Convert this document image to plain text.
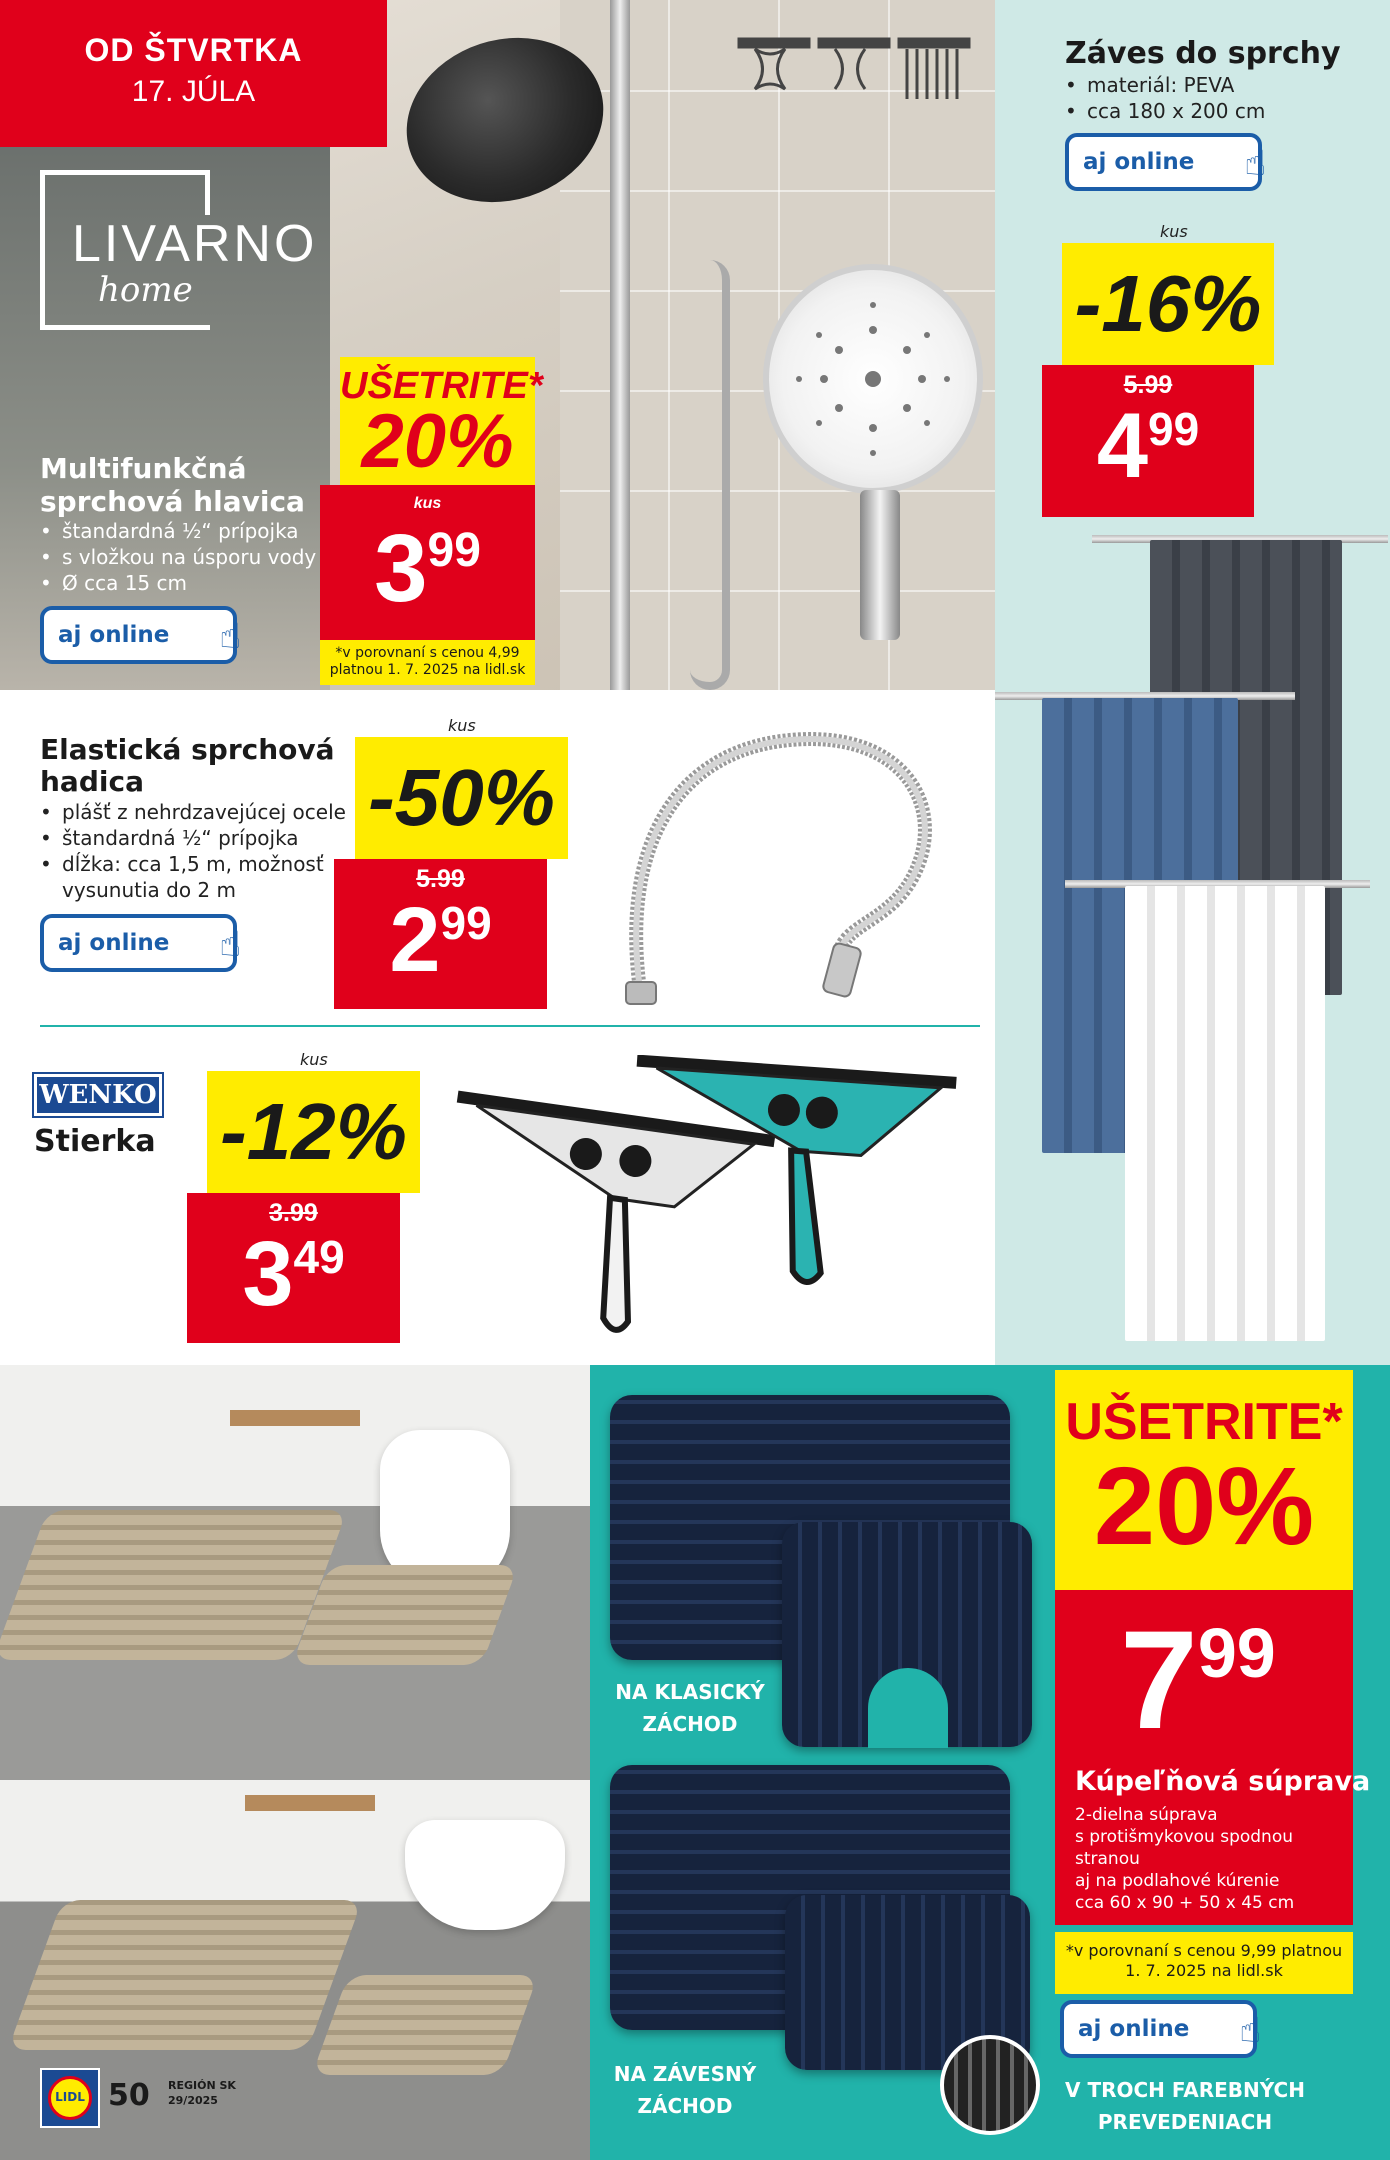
OD ŠTVRTKA
17. JÚLA
LIVARNO
home
Multifunkčná sprchová hlavica
• štandardná ½“ prípojka
• s vložkou na úsporu vody
• Ø cca 15 cm
aj online ☝
UŠETRITE*
20%
kus
$3^{99}$
*v porovnaní s cenou 4,99 platnou 1. 7. 2025 na lidl.sk
Záves do sprchy
• materiál: PEVA
• cca 180 x 200 cm
aj online ☝
kus
-16%
5.99
$4^{99}$
Elastická sprchová hadica
• plášť z nehrdzavejúcej ocele
• štandardná ½“ prípojka
• dĺžka: cca 1,5 m, možnosť vysunutia do 2 m
aj online ☝
kus
-50%
5.99
$2^{99}$
WENKO
Stierka
kus
-12%
3.99
$3^{49}$
NA KLASICKÝ ZÁCHOD
NA ZÁVESNÝ ZÁCHOD
UŠETRITE*
20%
$7^{99}$
Kúpeľňová súprava
2-dielna súprava
s protišmykovou spodnou stranou
aj na podlahové kúrenie
cca 60 x 90 + 50 x 45 cm
*v porovnaní s cenou 9,99 platnou 1. 7. 2025 na lidl.sk
aj online ☝
V TROCH FAREBNÝCH PREVEDENIACH
LIDL 50 REGIÓN SK
29/2025
